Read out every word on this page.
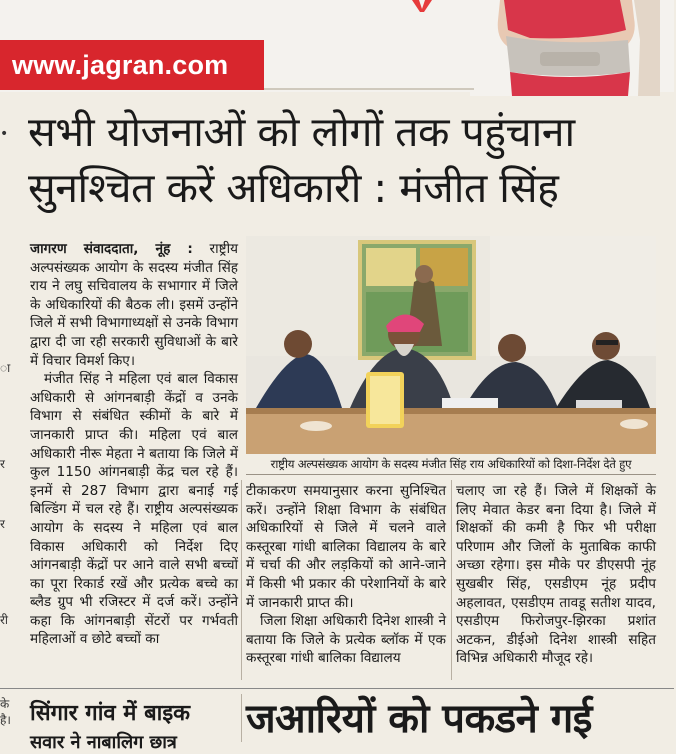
www.jagran.com
• सभी योजनाओं को लोगों तक पहुंचाना
सुनश्चित करें अधिकारी : मंजीत सिंह
ा
र
र
री
के
है।

जागरण संवाददाता, नूंह : राष्ट्रीय अल्पसंख्यक आयोग के सदस्य मंजीत सिंह राय ने लघु सचिवालय के सभागार में जिले के अधिकारियों की बैठक ली। इसमें उन्होंने जिले में सभी विभागाध्यक्षों से उनके विभाग द्वारा दी जा रही सरकारी सुविधाओं के बारे में विचार विमर्श किए।

मंजीत सिंह ने महिला एवं बाल विकास अधिकारी से आंगनबाड़ी केंद्रों व उनके विभाग से संबंधित स्कीमों के बारे में जानकारी प्राप्त की। महिला एवं बाल अधिकारी नीरू मेहता ने बताया कि जिले में कुल 1150 आंगनबाड़ी केंद्र चल रहे हैं। इनमें से 287 विभाग द्वारा बनाई गई बिल्डिंग में चल रहे हैं। राष्ट्रीय अल्पसंख्यक आयोग के सदस्य ने महिला एवं बाल विकास अधिकारी को निर्देश दिए आंगनबाड़ी केंद्रों पर आने वाले सभी बच्चों का पूरा रिकार्ड रखें और प्रत्येक बच्चे का ब्लैड ग्रुप भी रजिस्टर में दर्ज करें। उन्होंने कहा कि आंगनबाड़ी सेंटरों पर गर्भवती महिलाओं व छोटे बच्चों का

राष्ट्रीय अल्पसंख्यक आयोग के सदस्य मंजीत सिंह राय अधिकारियों को दिशा-निर्देश देते हुए

टीकाकरण समयानुसार करना सुनिश्चित करें। उन्होंने शिक्षा विभाग के संबंधित अधिकारियों से जिले में चलने वाले कस्तूरबा गांधी बालिका विद्यालय के बारे में चर्चा की और लड़कियों को आने-जाने में किसी भी प्रकार की परेशानियों के बारे में जानकारी प्राप्त की।

जिला शिक्षा अधिकारी दिनेश शास्त्री ने बताया कि जिले के प्रत्येक ब्लॉक में एक कस्तूरबा गांधी बालिका विद्यालय

चलाए जा रहे हैं। जिले में शिक्षकों के लिए मेवात केडर बना दिया है। जिले में शिक्षकों की कमी है फिर भी परीक्षा परिणाम और जिलों के मुताबिक काफी अच्छा रहेगा। इस मौके पर डीएसपी नूंह सुखबीर सिंह, एसडीएम नूंह प्रदीप अहलावत, एसडीएम तावडू सतीश यादव, एसडीएम फिरोजपुर-झिरका प्रशांत अटकन, डीईओ दिनेश शास्त्री सहित विभिन्न अधिकारी मौजूद रहे।

सिंगार गांव में बाइक
सवार ने नाबालिग छात्र
जआरियों को पकडने गई
